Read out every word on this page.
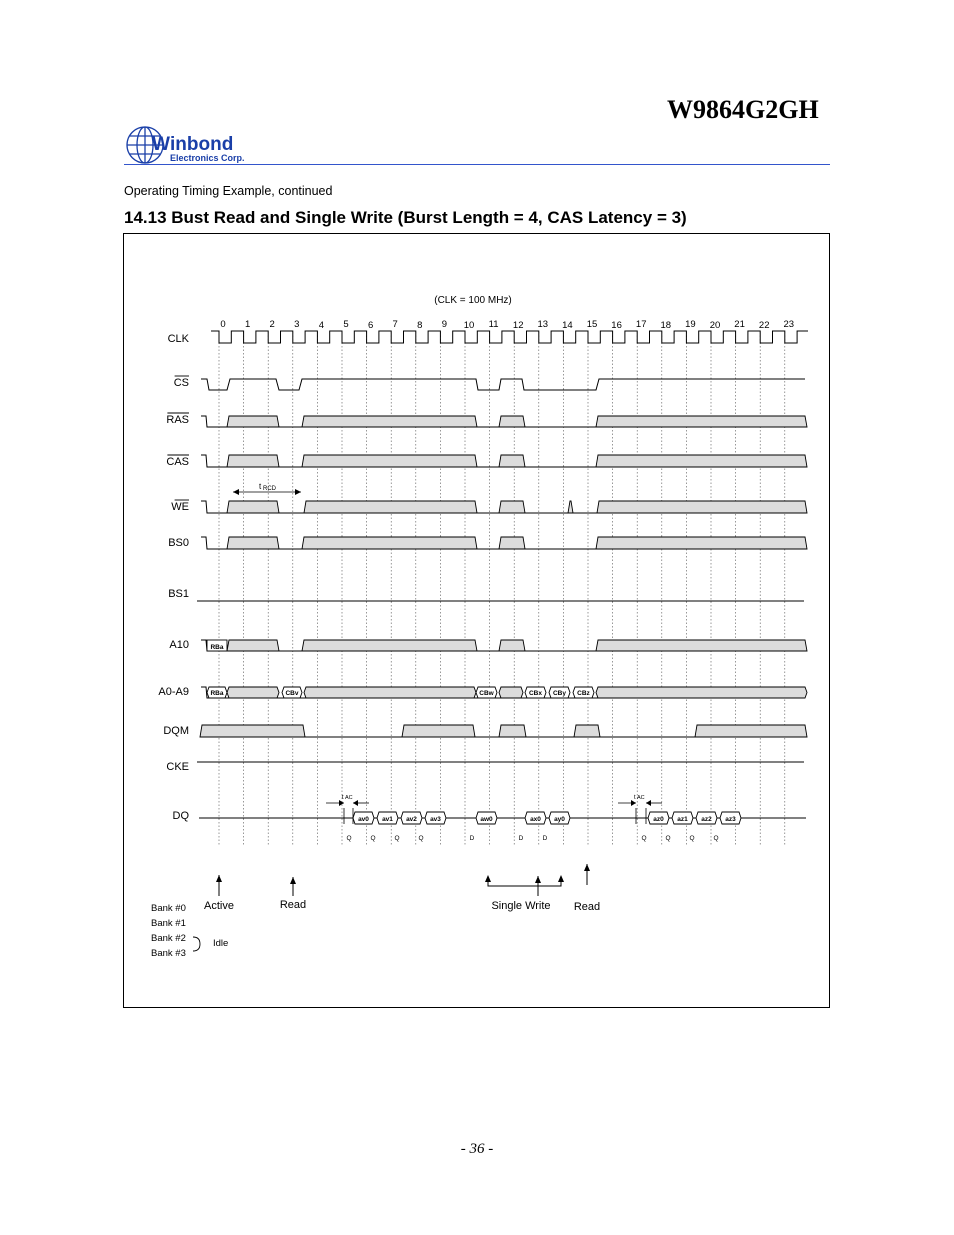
W9864G2GH
W inbond
Electronics Corp.
Operating Timing Example, continued
14.13 Bust Read and Single Write (Burst Length = 4, CAS Latency = 3)
(CLK = 100 MHz)
0 1 2 3 4 5 6 7 8 9 10 11 12 13 14 15 16 17 18 19 20 21 22 23
CLK
CS
RAS
CAS
WE
BS0
BS1
A10
A0-A9
DQM
CKE
DQ
t RCD
RBa
RBa	CBv	CBw	CBx CBy CBz
av0
Q
av1
Q
av2
Q
av3
Q
aw0
D
ax0
D
ay0
D
az0
Q
az1
Q
az2
Q
az3
Q
t AC	t AC
Active	Read	Single Write Read
Bank #0
Bank #1
Bank #2
Bank #3
Idle
- 36 -
